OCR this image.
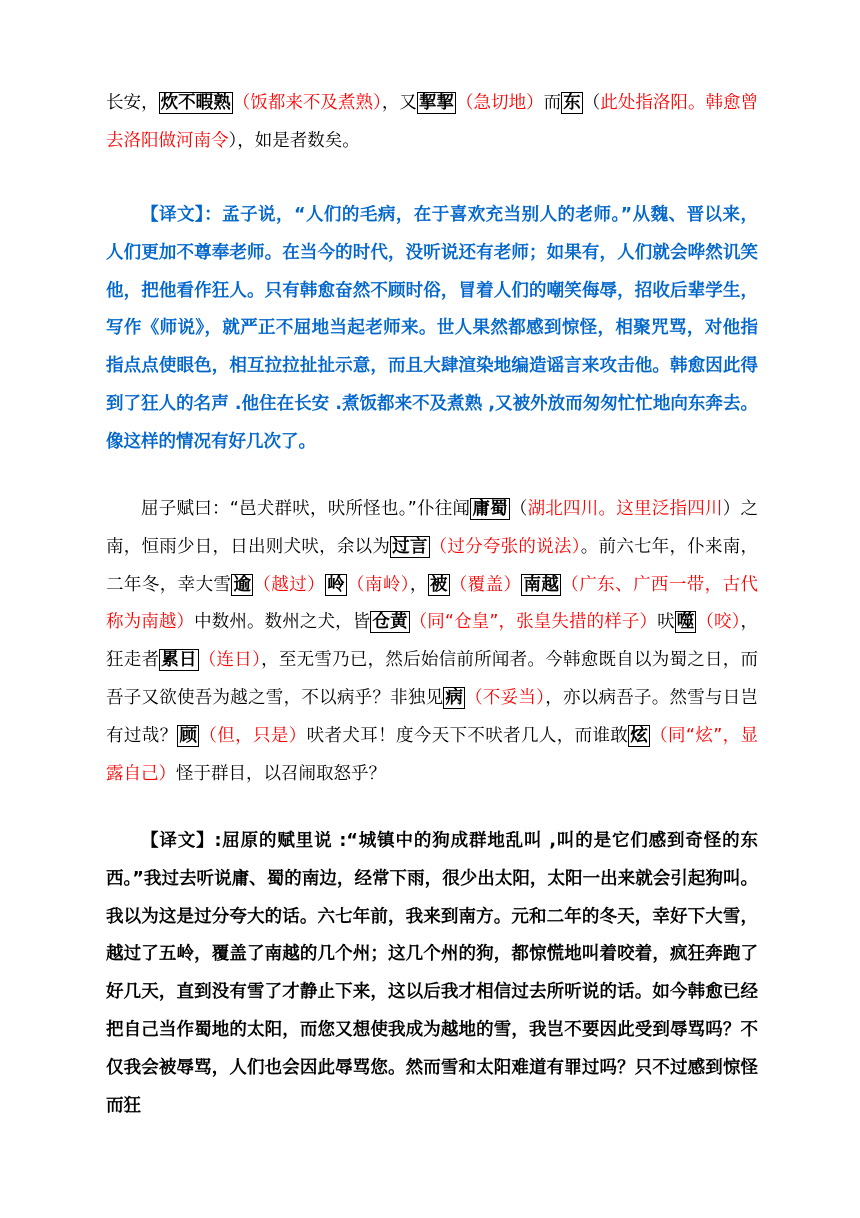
长安， 炊不暇熟 （饭都来不及煮熟），又 挈挈 （急切地）而 东 （此处指洛阳。韩愈曾去洛阳做河南令），如是者数矣。

【译文】：孟子说，“人们的毛病，在于喜欢充当别人的老师。”从魏、晋以来，人们更加不尊奉老师。在当今的时代，没听说还有老师；如果有，人们就会哗然讥笑他，把他看作狂人。只有韩愈奋然不顾时俗，冒着人们的嘲笑侮辱，招收后辈学生，写作《师说》，就严正不屈地当起老师来。世人果然都感到惊怪，相聚咒骂，对他指指点点使眼色，相互拉拉扯扯示意，而且大肆渲染地编造谣言来攻击他。韩愈因此得到了狂人的名声 .他住在长安 .煮饭都来不及煮熟 ,又被外放而匆匆忙忙地向东奔去。像这样的情况有好几次了。

屈子赋曰：“邑犬群吠，吠所怪也。”仆往闻 庸蜀 （湖北四川。这里泛指四川）之南，恒雨少日，日出则犬吠，余以为 过言 （过分夸张的说法）。前六七年，仆来南，二年冬，幸大雪 逾 （越过） 岭 （南岭）， 被 （覆盖） 南越 （广东、广西一带，古代称为南越）中数州。数州之犬，皆 仓黄 （同“仓皇”，张皇失措的样子）吠 噬 （咬），狂走者 累日 （连日），至无雪乃已，然后始信前所闻者。今韩愈既自以为蜀之日，而吾子又欲使吾为越之雪，不以病乎？非独见 病 （不妥当），亦以病吾子。然雪与日岂有过哉？ 顾 （但，只是）吠者犬耳！度今天下不吠者几人，而谁敢 炫 （同“炫”，显露自己）怪于群目，以召闹取怒乎？

【译文】:屈原的赋里说 :“城镇中的狗成群地乱叫 ,叫的是它们感到奇怪的东西。”我过去听说庸、蜀的南边，经常下雨，很少出太阳，太阳一出来就会引起狗叫。我以为这是过分夸大的话。六七年前，我来到南方。元和二年的冬天，幸好下大雪，越过了五岭，覆盖了南越的几个州；这几个州的狗，都惊慌地叫着咬着，疯狂奔跑了好几天，直到没有雪了才静止下来，这以后我才相信过去所听说的话。如今韩愈已经把自己当作蜀地的太阳，而您又想使我成为越地的雪，我岂不要因此受到辱骂吗？不仅我会被辱骂，人们也会因此辱骂您。然而雪和太阳难道有罪过吗？只不过感到惊怪而狂
